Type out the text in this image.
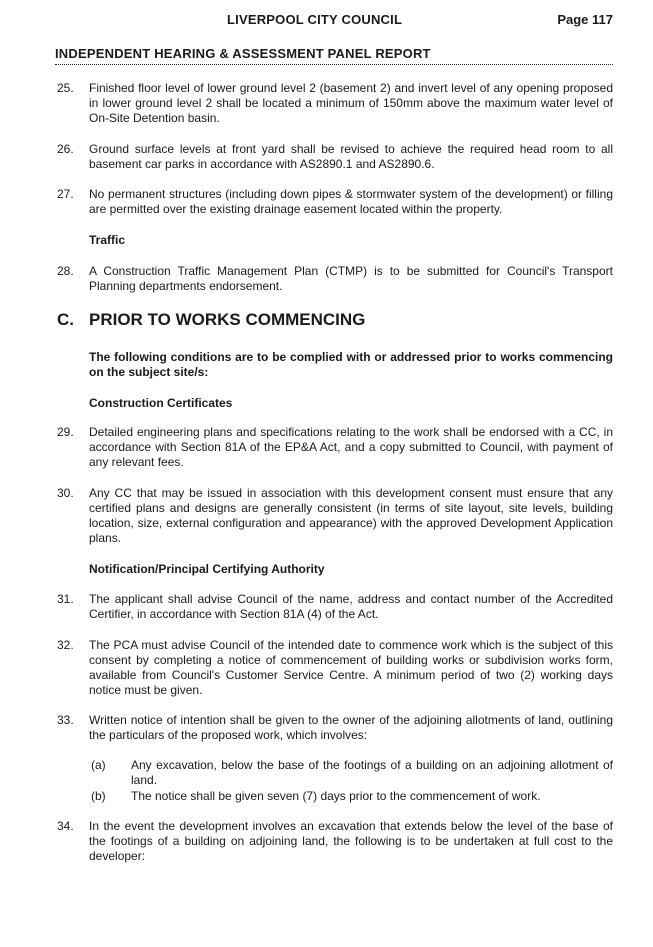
LIVERPOOL CITY COUNCIL	Page 117
INDEPENDENT HEARING & ASSESSMENT PANEL REPORT
25. Finished floor level of lower ground level 2 (basement 2) and invert level of any opening proposed in lower ground level 2 shall be located a minimum of 150mm above the maximum water level of On-Site Detention basin.
26. Ground surface levels at front yard shall be revised to achieve the required head room to all basement car parks in accordance with AS2890.1 and AS2890.6.
27. No permanent structures (including down pipes & stormwater system of the development) or filling are permitted over the existing drainage easement located within the property.
Traffic
28. A Construction Traffic Management Plan (CTMP) is to be submitted for Council's Transport Planning departments endorsement.
C. PRIOR TO WORKS COMMENCING
The following conditions are to be complied with or addressed prior to works commencing on the subject site/s:
Construction Certificates
29. Detailed engineering plans and specifications relating to the work shall be endorsed with a CC, in accordance with Section 81A of the EP&A Act, and a copy submitted to Council, with payment of any relevant fees.
30. Any CC that may be issued in association with this development consent must ensure that any certified plans and designs are generally consistent (in terms of site layout, site levels, building location, size, external configuration and appearance) with the approved Development Application plans.
Notification/Principal Certifying Authority
31. The applicant shall advise Council of the name, address and contact number of the Accredited Certifier, in accordance with Section 81A (4) of the Act.
32. The PCA must advise Council of the intended date to commence work which is the subject of this consent by completing a notice of commencement of building works or subdivision works form, available from Council's Customer Service Centre. A minimum period of two (2) working days notice must be given.
33. Written notice of intention shall be given to the owner of the adjoining allotments of land, outlining the particulars of the proposed work, which involves:
(a) Any excavation, below the base of the footings of a building on an adjoining allotment of land.
(b) The notice shall be given seven (7) days prior to the commencement of work.
34. In the event the development involves an excavation that extends below the level of the base of the footings of a building on adjoining land, the following is to be undertaken at full cost to the developer:
